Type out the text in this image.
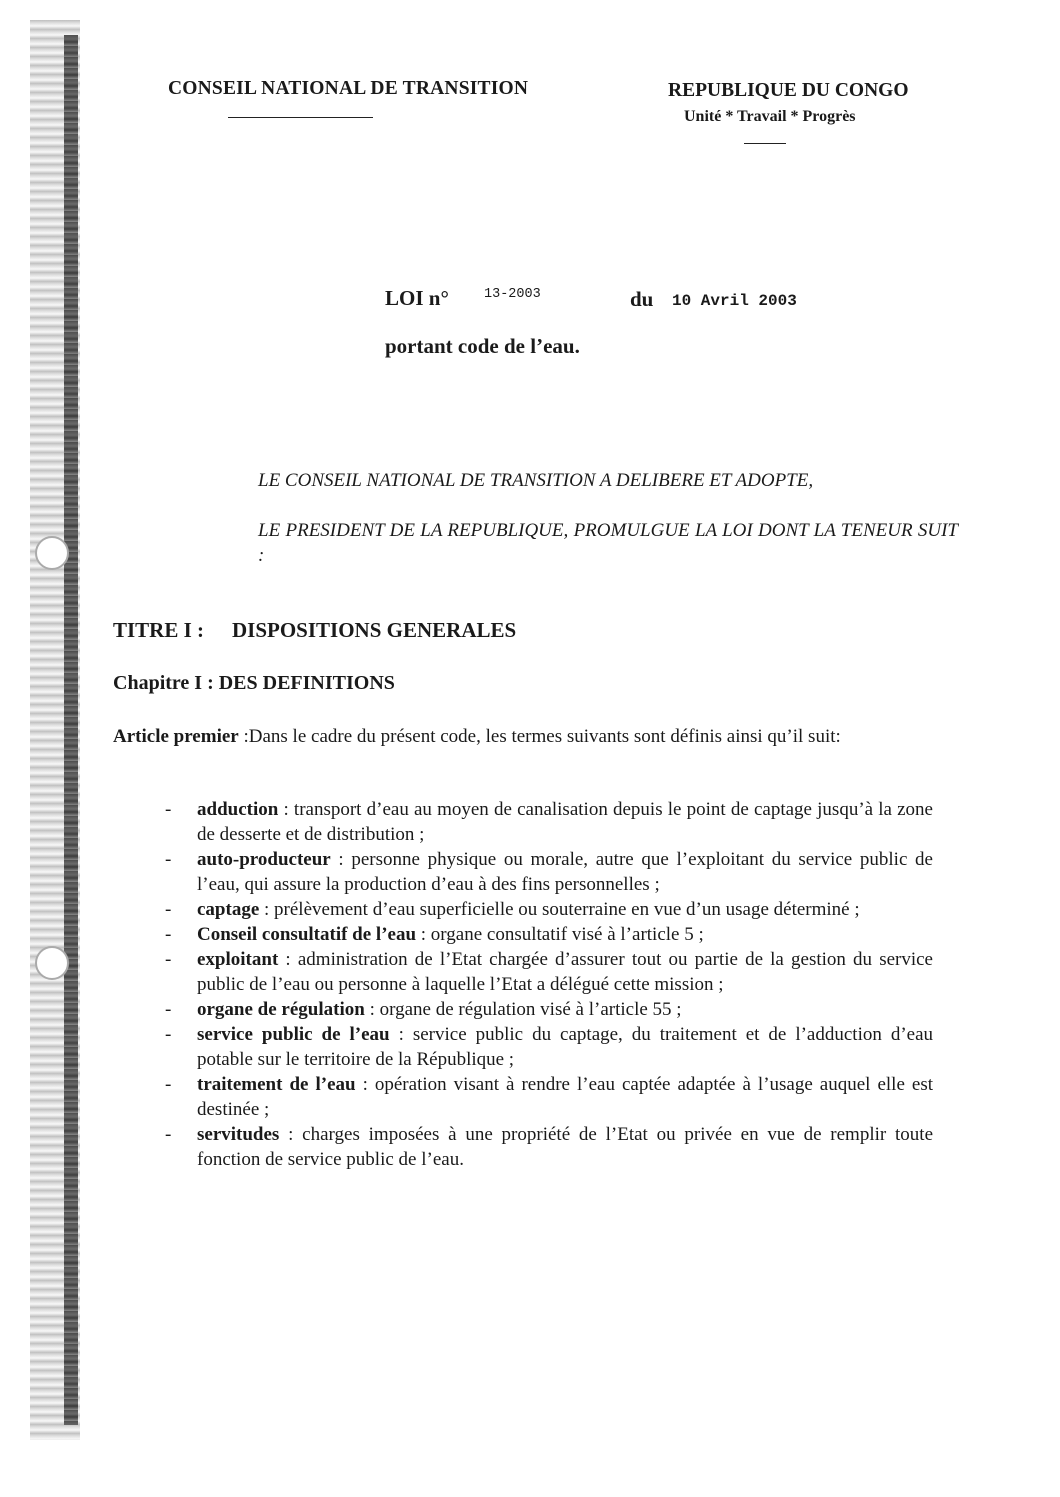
CONSEIL NATIONAL DE TRANSITION	REPUBLIQUE DU CONGO
Unité * Travail * Progrès
LOI n°	13-2003	du 10 Avril 2003
portant code de l’eau.
LE CONSEIL NATIONAL DE TRANSITION A DELIBERE ET ADOPTE,
LE PRESIDENT DE LA REPUBLIQUE, PROMULGUE LA LOI DONT LA TENEUR SUIT :
TITRE I : DISPOSITIONS GENERALES
Chapitre I : DES DEFINITIONS
Article premier :Dans le cadre du présent code, les termes suivants sont définis ainsi qu’il suit:
- adduction : transport d’eau au moyen de canalisation depuis le point de captage jusqu’à la zone de desserte et de distribution ;
- auto-producteur : personne physique ou morale, autre que l’exploitant du service public de l’eau, qui assure la production d’eau à des fins personnelles ;
- captage : prélèvement d’eau superficielle ou souterraine en vue d’un usage déterminé ;
- Conseil consultatif de l’eau : organe consultatif visé à l’article 5 ;
- exploitant : administration de l’Etat chargée d’assurer tout ou partie de la gestion du service public de l’eau ou personne à laquelle l’Etat a délégué cette mission ;
- organe de régulation : organe de régulation visé à l’article 55 ;
- service public de l’eau : service public du captage, du traitement et de l’adduction d’eau potable sur le territoire de la République ;
- traitement de l’eau : opération visant à rendre l’eau captée adaptée à l’usage auquel elle est destinée ;
- servitudes : charges imposées à une propriété de l’Etat ou privée en vue de remplir toute fonction de service public de l’eau.
